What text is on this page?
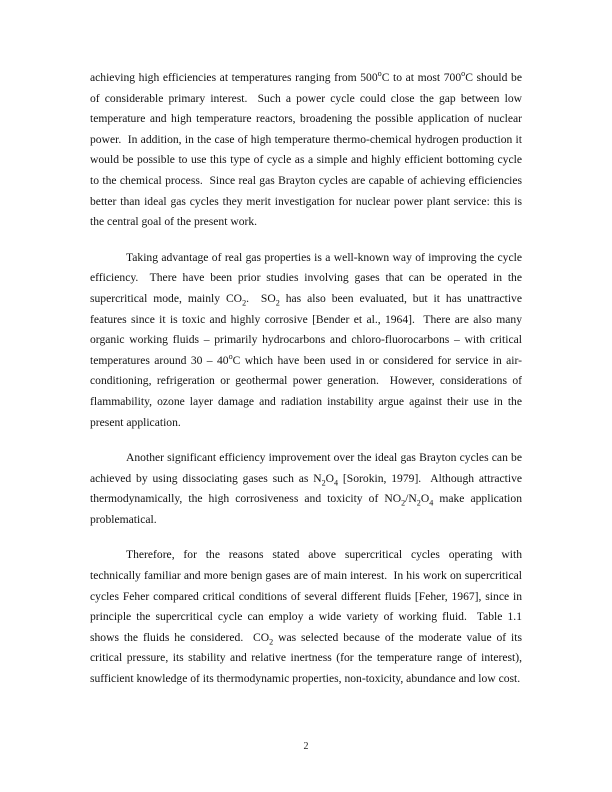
achieving high efficiencies at temperatures ranging from 500$^o$C to at most 700$^o$C should be of considerable primary interest.  Such a power cycle could close the gap between low temperature and high temperature reactors, broadening the possible application of nuclear power.  In addition, in the case of high temperature thermo-chemical hydrogen production it would be possible to use this type of cycle as a simple and highly efficient bottoming cycle to the chemical process.  Since real gas Brayton cycles are capable of achieving efficiencies better than ideal gas cycles they merit investigation for nuclear power plant service: this is the central goal of the present work.

Taking advantage of real gas properties is a well-known way of improving the cycle efficiency.  There have been prior studies involving gases that can be operated in the supercritical mode, mainly $CO_2$.  $SO_2$ has also been evaluated, but it has unattractive features since it is toxic and highly corrosive [Bender et al., 1964].  There are also many organic working fluids – primarily hydrocarbons and chloro-fluorocarbons – with critical temperatures around 30 – 40$^o$C which have been used in or considered for service in air-conditioning, refrigeration or geothermal power generation.  However, considerations of flammability, ozone layer damage and radiation instability argue against their use in the present application.

Another significant efficiency improvement over the ideal gas Brayton cycles can be achieved by using dissociating gases such as $N_2O_4$ [Sorokin, 1979].  Although attractive thermodynamically, the high corrosiveness and toxicity of $NO_2/N_2O_4$ make application problematical.

Therefore, for the reasons stated above supercritical cycles operating with technically familiar and more benign gases are of main interest.  In his work on supercritical cycles Feher compared critical conditions of several different fluids [Feher, 1967], since in principle the supercritical cycle can employ a wide variety of working fluid.  Table 1.1 shows the fluids he considered.  $CO_2$ was selected because of the moderate value of its critical pressure, its stability and relative inertness (for the temperature range of interest), sufficient knowledge of its thermodynamic properties, non-toxicity, abundance and low cost.

2
